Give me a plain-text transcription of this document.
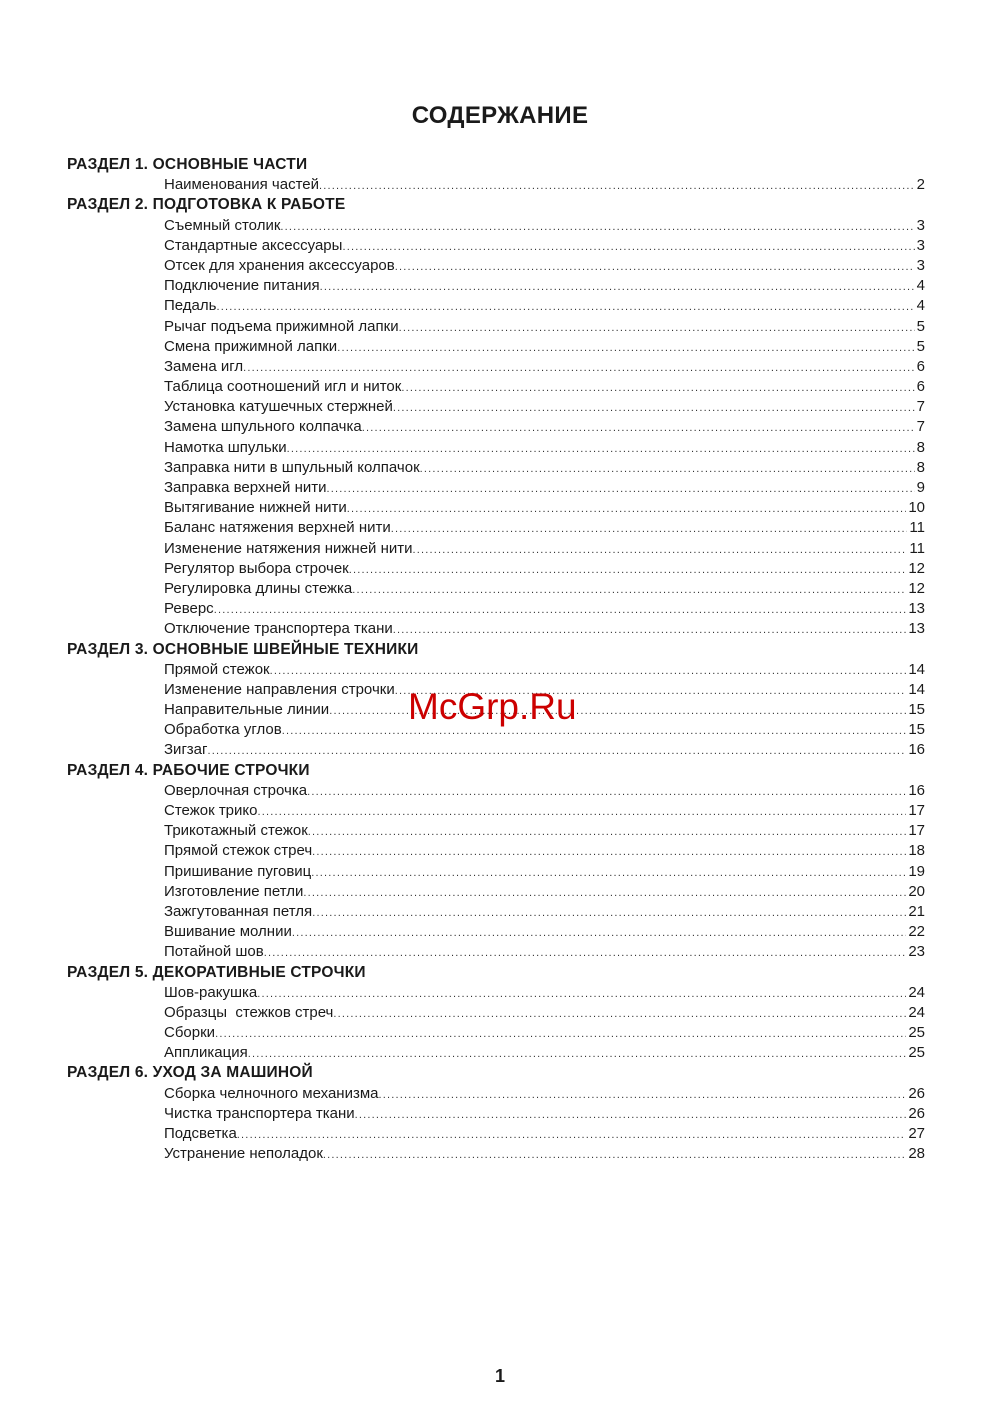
СОДЕРЖАНИЕ
РАЗДЕЛ 1. ОСНОВНЫЕ ЧАСТИ
Наименования частей .....	2
РАЗДЕЛ 2. ПОДГОТОВКА К РАБОТЕ
Съемный столик .....	3
Стандартные аксессуары .....	3
Отсек для хранения аксессуаров .....	3
Подключение питания .....	4
Педаль .....	4
Рычаг подъема прижимной лапки .....	5
Смена прижимной лапки .....	5
Замена игл .....	6
Таблица соотношений игл и ниток .....	6
Установка катушечных стержней .....	7
Замена шпульного колпачка .....	7
Намотка шпульки .....	8
Заправка нити в шпульный колпачок .....	8
Заправка верхней нити .....	9
Вытягивание нижней нити .....	10
Баланс натяжения верхней нити .....	11
Изменение натяжения нижней нити .....	11
Регулятор выбора строчек .....	12
Регулировка длины стежка .....	12
Реверс .....	13
Отключение транспортера ткани .....	13
РАЗДЕЛ 3. ОСНОВНЫЕ ШВЕЙНЫЕ ТЕХНИКИ
Прямой стежок .....	14
Изменение направления строчки .....	14
Направительные линии .....	15
Обработка углов .....	15
Зигзаг .....	16
РАЗДЕЛ 4. РАБОЧИЕ СТРОЧКИ
Оверлочная строчка .....	16
Стежок трико .....	17
Трикотажный стежок .....	17
Прямой стежок стреч .....	18
Пришивание пуговиц .....	19
Изготовление петли .....	20
Зажгутованная петля .....	21
Вшивание молнии .....	22
Потайной шов .....	23
РАЗДЕЛ 5. ДЕКОРАТИВНЫЕ СТРОЧКИ
Шов-ракушка .....	24
Образцы  стежков стреч .....	24
Сборки .....	25
Аппликация .....	25
РАЗДЕЛ 6. УХОД ЗА МАШИНОЙ
Сборка челночного механизма .....	26
Чистка транспортера ткани .....	26
Подсветка .....	27
Устранение неполадок .....	28
McGrp.Ru
1
